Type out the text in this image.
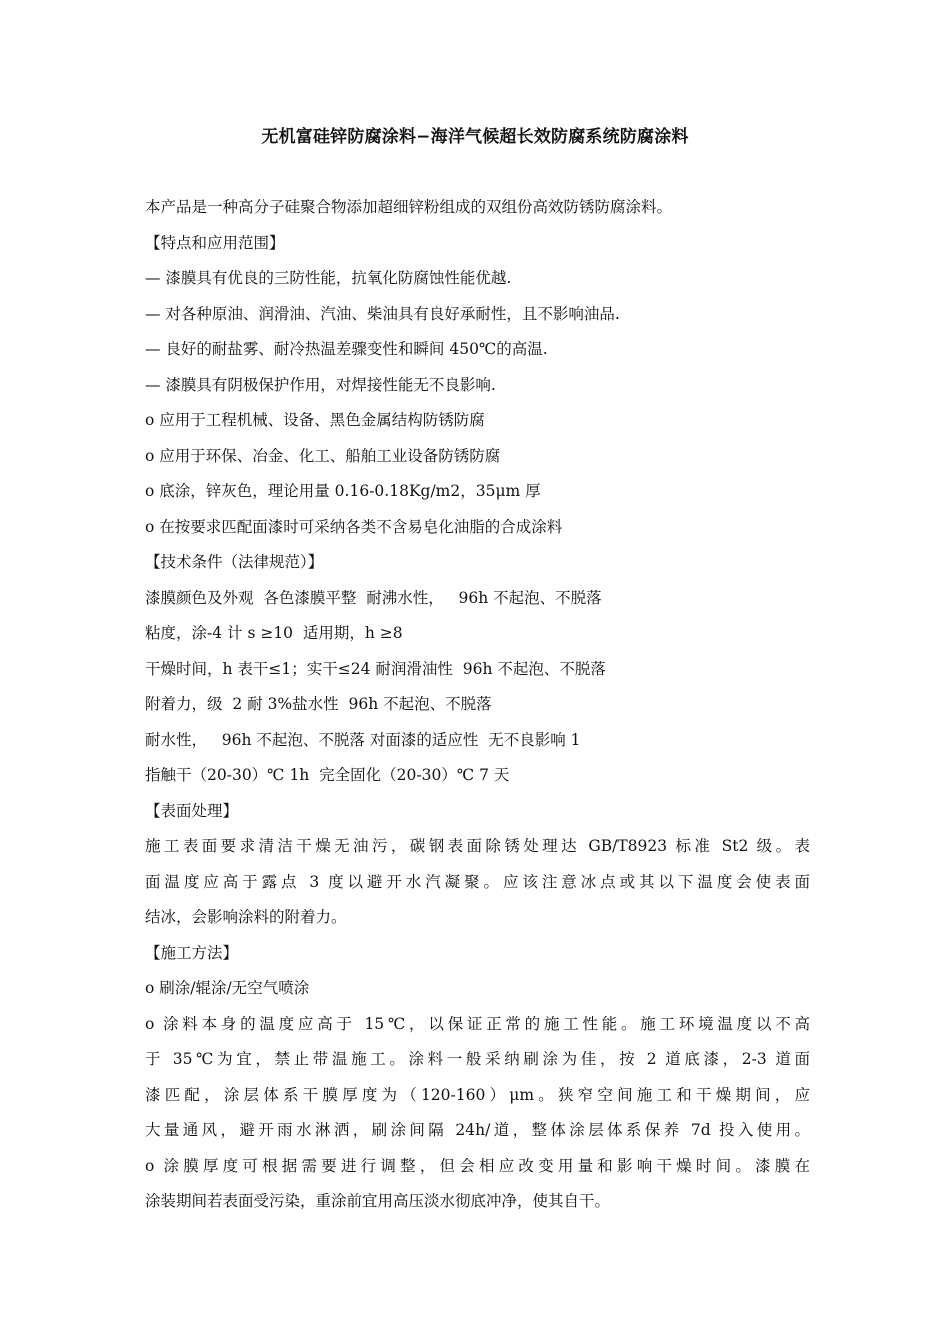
无机富硅锌防腐涂料−海洋气候超长效防腐系统防腐涂料
本产品是一种高分子硅聚合物添加超细锌粉组成的双组份高效防锈防腐涂料。
【特点和应用范围】
— 漆膜具有优良的三防性能，抗氧化防腐蚀性能优越.
— 对各种原油、润滑油、汽油、柴油具有良好承耐性，且不影响油品.
— 良好的耐盐雾、耐冷热温差骤变性和瞬间 450℃的高温.
— 漆膜具有阴极保护作用，对焊接性能无不良影响.
o 应用于工程机械、设备、黑色金属结构防锈防腐
o 应用于环保、冶金、化工、船舶工业设备防锈防腐
o 底涂，锌灰色，理论用量 0.16-0.18Kg/m2，35μm 厚
o 在按要求匹配面漆时可采纳各类不含易皂化油脂的合成涂料
【技术条件（法律规范）】
漆膜颜色及外观  各色漆膜平整  耐沸水性，   96h 不起泡、不脱落
粘度，涂-4 计 s ≥10  适用期，h ≥8
干燥时间，h 表干≤1；实干≤24 耐润滑油性  96h 不起泡、不脱落
附着力，级  2 耐 3%盐水性  96h 不起泡、不脱落
耐水性，   96h 不起泡、不脱落 对面漆的适应性  无不良影响 1
指触干（20-30）℃ 1h  完全固化（20-30）℃ 7 天
【表面处理】
施工表面要求清洁干燥无油污，碳钢表面除锈处理达 GB/T8923 标准 St2 级。表
面温度应高于露点 3 度以避开水汽凝聚。应该注意冰点或其以下温度会使表面
结冰，会影响涂料的附着力。
【施工方法】
o 刷涂/辊涂/无空气喷涂
o 涂料本身的温度应高于 15℃，以保证正常的施工性能。施工环境温度以不高
于 35℃为宜，禁止带温施工。涂料一般采纳刷涂为佳，按 2 道底漆，2-3 道面
漆匹配，涂层体系干膜厚度为（120-160）μm。狭窄空间施工和干燥期间，应
大量通风，避开雨水淋洒，刷涂间隔 24h/道，整体涂层体系保养 7d 投入使用。
o 涂膜厚度可根据需要进行调整，但会相应改变用量和影响干燥时间。漆膜在
涂装期间若表面受污染，重涂前宜用高压淡水彻底冲净，使其自干。
